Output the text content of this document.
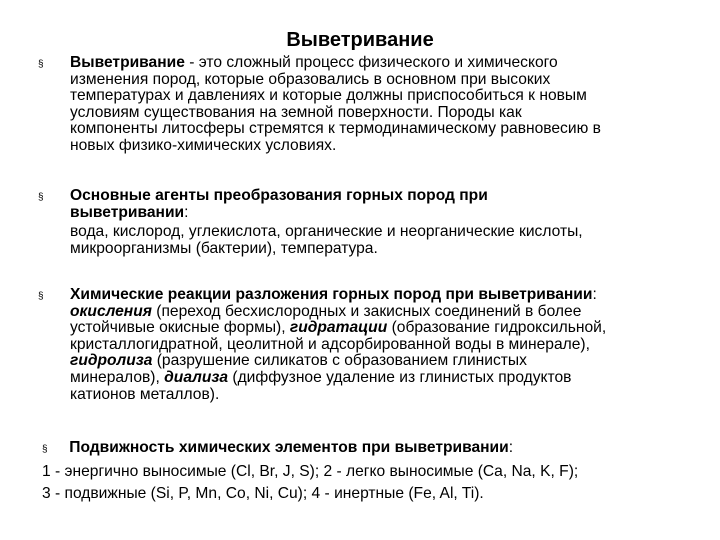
Выветривание
§ Выветривание - это сложный процесс физического и химического
изменения пород, которые образовались в основном при высоких
температурах и давлениях и которые должны приспособиться к новым
условиям существования на земной поверхности. Породы как
компоненты литосферы стремятся к термодинамическому равновесию в
новых физико-химических условиях.
§ Основные агенты преобразования горных пород при
выветривании:
вода, кислород, углекислота, органические и неорганические кислоты,
микроорганизмы (бактерии), температура.
§ Химические реакции разложения горных пород при выветривании:
окисления (переход бесхислородных и закисных соединений в более
устойчивые окисные формы), гидратации (образование гидроксильной,
кристаллогидратной, цеолитной и адсорбированной воды в минерале),
гидролиза (разрушение силикатов с образованием глинистых
минералов), диализа (диффузное удаление из глинистых продуктов
катионов металлов).
§ Подвижность химических элементов при выветривании:
1 - энергично выносимые (Cl, Br, J, S); 2 - легко выносимые (Ca, Na, K, F);
3 - подвижные (Si, P, Mn, Co, Ni, Cu); 4 - инертные (Fe, Al, Ti).
